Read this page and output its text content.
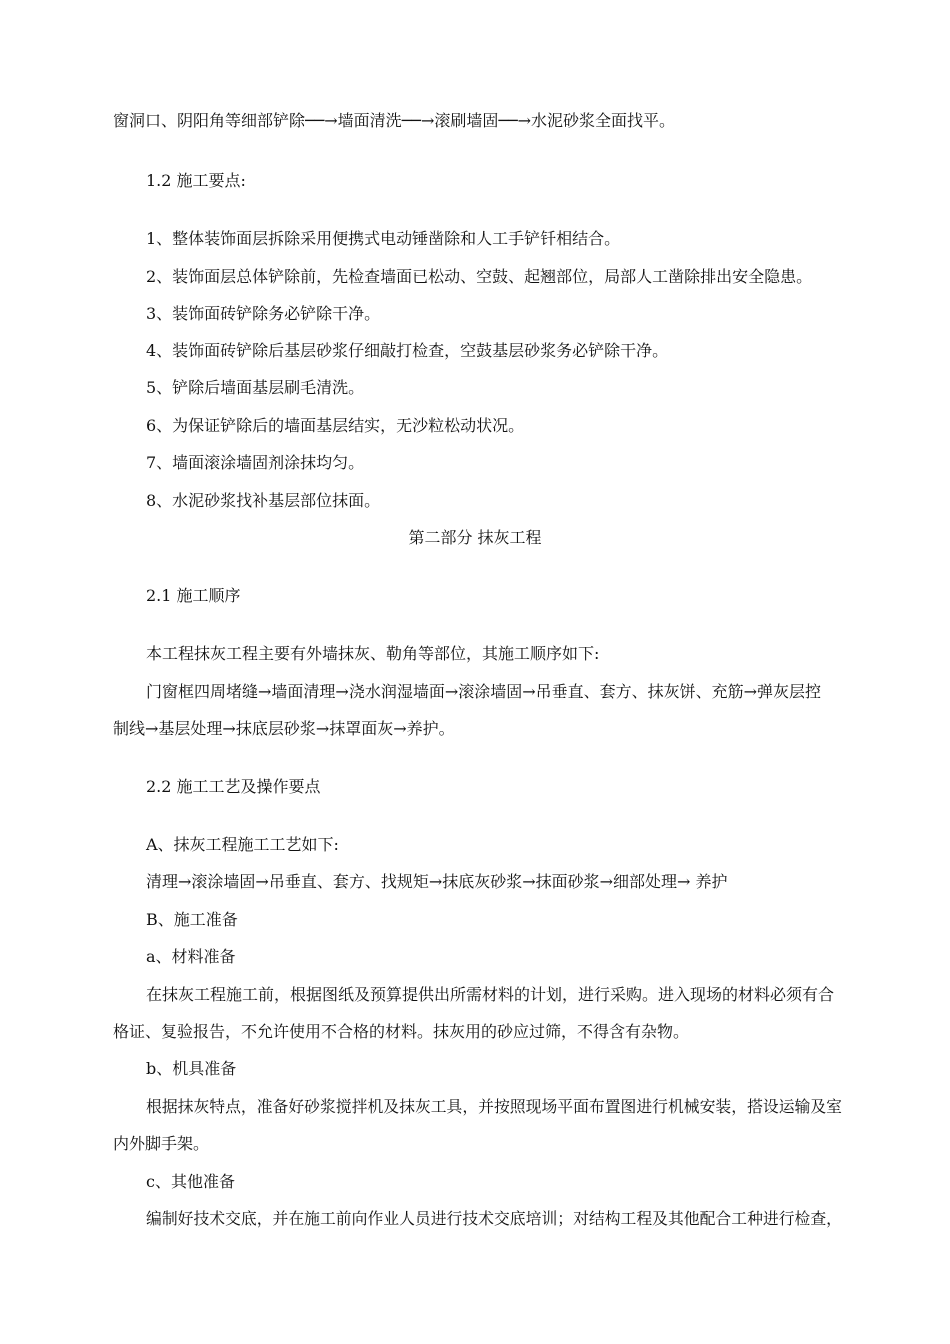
窗洞口、阴阳角等细部铲除──→墙面清洗──→滚刷墙固──→水泥砂浆全面找平。
1.2 施工要点:
1、整体装饰面层拆除采用便携式电动锤凿除和人工手铲钎相结合。
2、装饰面层总体铲除前，先检查墙面已松动、空鼓、起翘部位，局部人工凿除排出安全隐患。
3、装饰面砖铲除务必铲除干净。
4、装饰面砖铲除后基层砂浆仔细敲打检查，空鼓基层砂浆务必铲除干净。
5、铲除后墙面基层刷毛清洗。
6、为保证铲除后的墙面基层结实，无沙粒松动状况。
7、墙面滚涂墙固剂涂抹均匀。
8、水泥砂浆找补基层部位抹面。
第二部分 抹灰工程
2.1 施工顺序
本工程抹灰工程主要有外墙抹灰、勒角等部位，其施工顺序如下:
门窗框四周堵缝→墙面清理→浇水润湿墙面→滚涂墙固→吊垂直、套方、抹灰饼、充筋→弹灰层控
制线→基层处理→抹底层砂浆→抹罩面灰→养护。
2.2 施工工艺及操作要点
A、抹灰工程施工工艺如下:
清理→滚涂墙固→吊垂直、套方、找规矩→抹底灰砂浆→抹面砂浆→细部处理→ 养护
B、施工准备
a、材料准备
在抹灰工程施工前，根据图纸及预算提供出所需材料的计划，进行采购。进入现场的材料必须有合
格证、复验报告，不允许使用不合格的材料。抹灰用的砂应过筛，不得含有杂物。
b、机具准备
根据抹灰特点，准备好砂浆搅拌机及抹灰工具，并按照现场平面布置图进行机械安装，搭设运输及室
内外脚手架。
c、其他准备
编制好技术交底，并在施工前向作业人员进行技术交底培训；对结构工程及其他配合工种进行检查，
